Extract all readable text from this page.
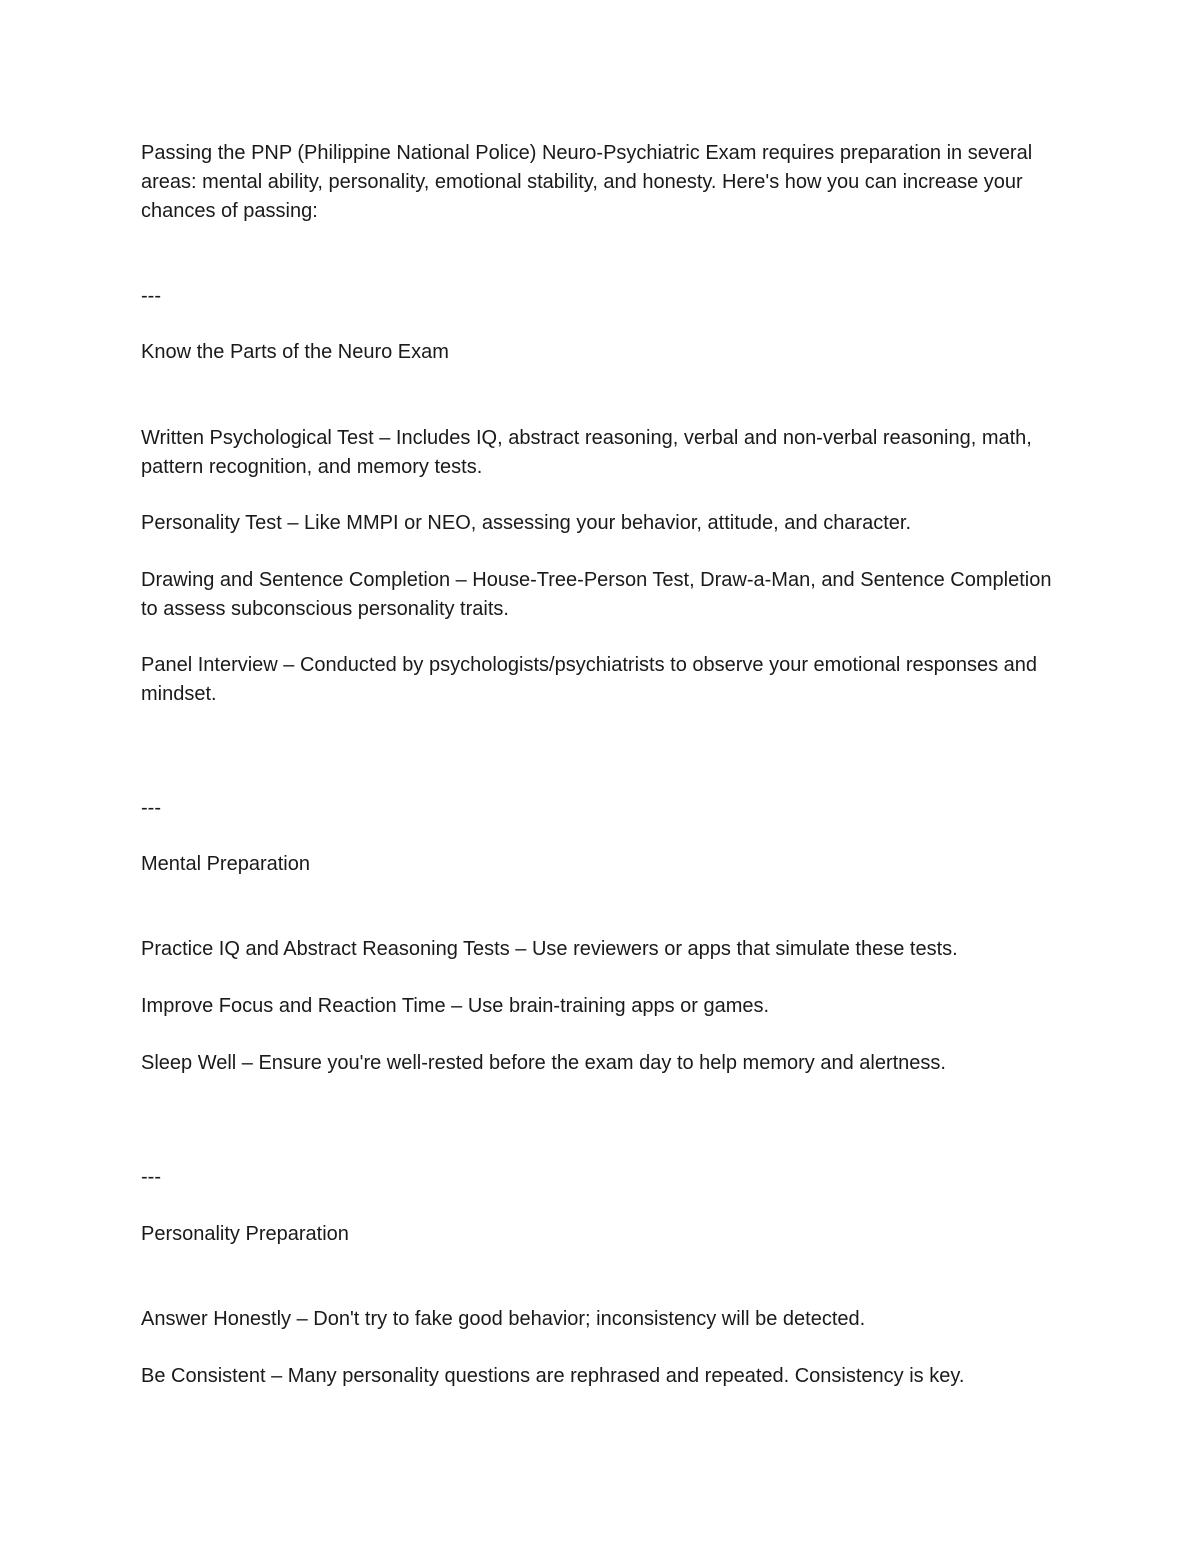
Passing the PNP (Philippine National Police) Neuro-Psychiatric Exam requires preparation in several areas: mental ability, personality, emotional stability, and honesty. Here's how you can increase your chances of passing:

---

Know the Parts of the Neuro Exam

Written Psychological Test – Includes IQ, abstract reasoning, verbal and non-verbal reasoning, math, pattern recognition, and memory tests.

Personality Test – Like MMPI or NEO, assessing your behavior, attitude, and character.

Drawing and Sentence Completion – House-Tree-Person Test, Draw-a-Man, and Sentence Completion to assess subconscious personality traits.

Panel Interview – Conducted by psychologists/psychiatrists to observe your emotional responses and mindset.

---

Mental Preparation

Practice IQ and Abstract Reasoning Tests – Use reviewers or apps that simulate these tests.

Improve Focus and Reaction Time – Use brain-training apps or games.

Sleep Well – Ensure you're well-rested before the exam day to help memory and alertness.

---

Personality Preparation

Answer Honestly – Don't try to fake good behavior; inconsistency will be detected.

Be Consistent – Many personality questions are rephrased and repeated. Consistency is key.
